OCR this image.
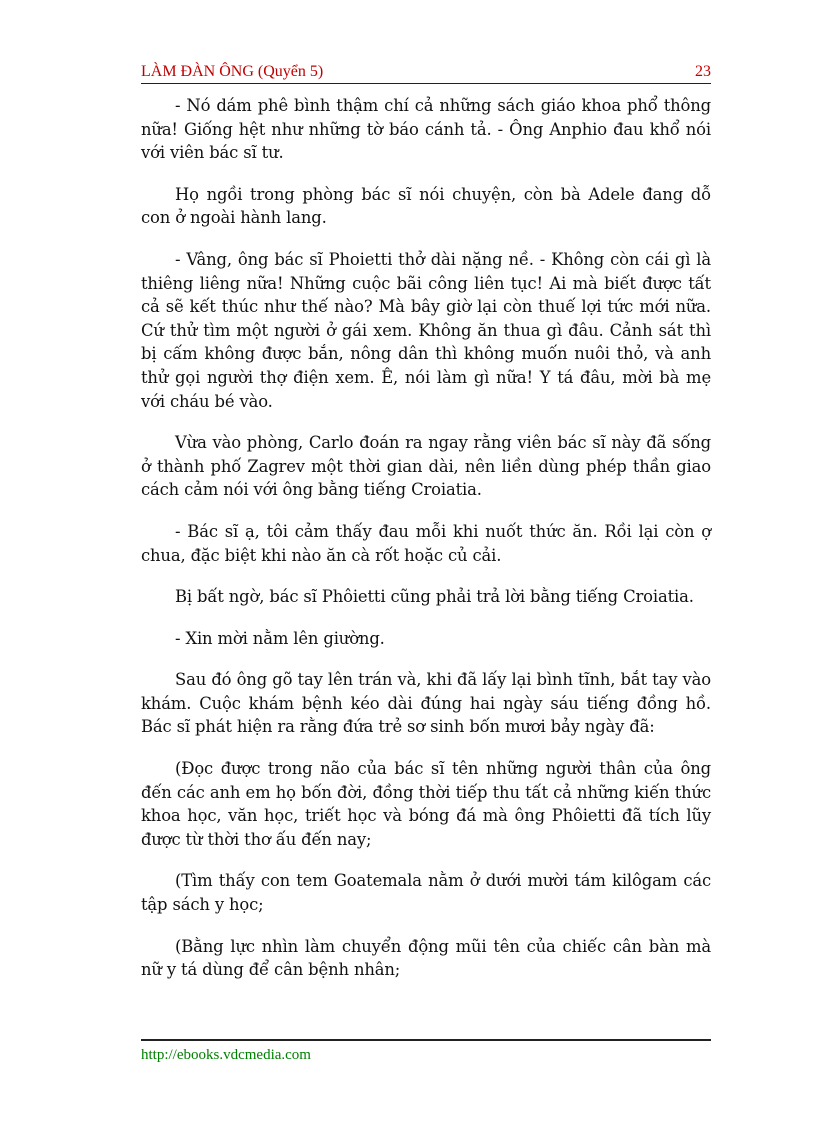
LÀM ĐÀN ÔNG (Quyển 5)	23

- Nó dám phê bình thậm chí cả những sách giáo khoa phổ thông nữa! Giống hệt như những tờ báo cánh tả. - Ông Anphio đau khổ nói với viên bác sĩ tư.

Họ ngồi trong phòng bác sĩ nói chuyện, còn bà Adele đang dỗ con ở ngoài hành lang.

- Vâng, ông bác sĩ Phoietti thở dài nặng nề. - Không còn cái gì là thiêng liêng nữa! Những cuộc bãi công liên tục! Ai mà biết được tất cả sẽ kết thúc như thế nào? Mà bây giờ lại còn thuế lợi tức mới nữa. Cứ thử tìm một người ở gái xem. Không ăn thua gì đâu. Cảnh sát thì bị cấm không được bắn, nông dân thì không muốn nuôi thỏ, và anh thử gọi người thợ điện xem. Ê, nói làm gì nữa! Y tá đâu, mời bà mẹ với cháu bé vào.

Vừa vào phòng, Carlo đoán ra ngay rằng viên bác sĩ này đã sống ở thành phố Zagrev một thời gian dài, nên liền dùng phép thần giao cách cảm nói với ông bằng tiếng Croiatia.

- Bác sĩ ạ, tôi cảm thấy đau mỗi khi nuốt thức ăn. Rồi lại còn ợ chua, đặc biệt khi nào ăn cà rốt hoặc củ cải.

Bị bất ngờ, bác sĩ Phôietti cũng phải trả lời bằng tiếng Croiatia.

- Xin mời nằm lên giường.

Sau đó ông gõ tay lên trán và, khi đã lấy lại bình tĩnh, bắt tay vào khám. Cuộc khám bệnh kéo dài đúng hai ngày sáu tiếng đồng hồ. Bác sĩ phát hiện ra rằng đứa trẻ sơ sinh bốn mươi bảy ngày đã:

(Đọc được trong não của bác sĩ tên những người thân của ông đến các anh em họ bốn đời, đồng thời tiếp thu tất cả những kiến thức khoa học, văn học, triết học và bóng đá mà ông Phôietti đã tích lũy được từ thời thơ ấu đến nay;

(Tìm thấy con tem Goatemala nằm ở dưới mười tám kilôgam các tập sách y học;

(Bằng lực nhìn làm chuyển động mũi tên của chiếc cân bàn mà nữ y tá dùng để cân bệnh nhân;

http://ebooks.vdcmedia.com
